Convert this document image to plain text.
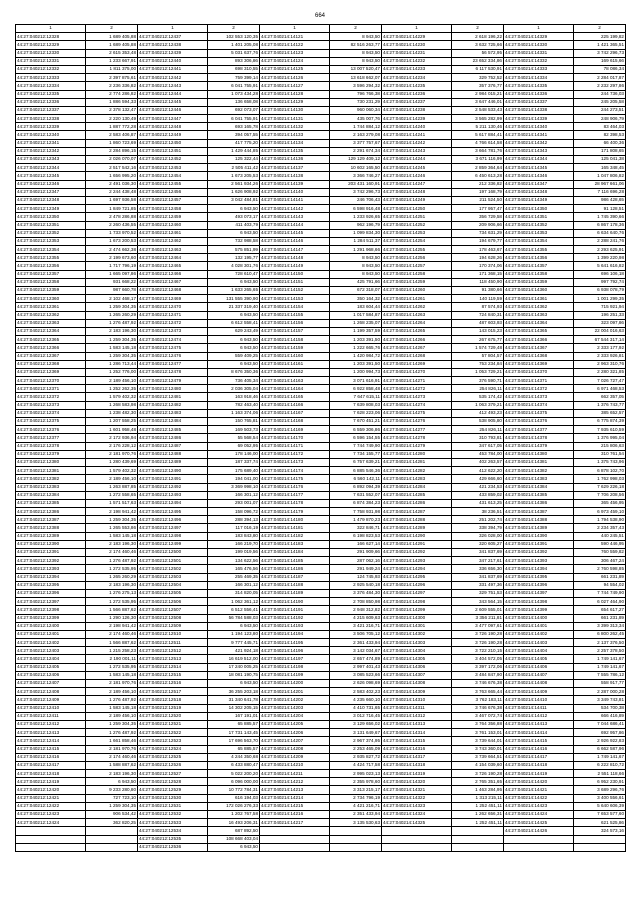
664
1	2	1	2	1	2	1	2	1	2
44:27:040212:12328	1 689 405,88	44:27:040212:12437	102 553 120,35	44:27:040214:14121	8 943,50	44:27:040214:14229	2 618 196,22	44:27:040214:14329	225 199,82
44:27:040212:12329	1 689 405,88	44:27:040212:12438	1 401 205,08	44:27:040214:14122	82 516 263,77	44:27:040214:14230	3 632 725,66	44:27:040214:14330	1 421 365,51
44:27:040212:12330	2 615 353,48	44:27:040212:12439	5 031 637,76	44:27:040214:14123	8 943,50	44:27:040214:14231	56 572,95	44:27:040214:14331	3 742 296,73
44:27:040212:12331	1 233 667,91	44:27:040212:12440	893 306,86	44:27:040214:14124	8 943,50	44:27:040214:14232	23 652 334,86	44:27:040214:14332	169 615,66
44:27:040212:12332	1 811 375,00	44:27:040212:12441	698 310,55	44:27:040214:14125	13 007 520,47	44:27:040214:14233	6 117 530,91	44:27:040214:14333	78 086,34
44:27:040212:12333	2 397 875,61	44:27:040212:12442	759 399,14	44:27:040214:14126	13 618 662,07	44:27:040214:14234	329 752,52	44:27:040214:14334	2 284 017,87
44:27:040212:12334	2 236 336,82	44:27:040212:12443	6 041 755,91	44:27:040214:14127	3 596 294,32	44:27:040214:14235	357 376,77	44:27:040214:14335	2 232 297,86
44:27:040212:12335	2 774 286,82	44:27:040212:12444	1 073 434,28	44:27:040214:14128	796 766,38	44:27:040214:14236	2 984 015,21	44:27:040214:14336	244 736,03
44:27:040212:12336	1 886 594,33	44:27:040212:12445	136 658,08	44:27:040214:14129	730 231,29	44:27:040214:14237	3 647 446,01	44:27:040214:14337	245 205,58
44:27:040212:12337	2 378 132,47	44:27:040212:12446	692 073,07	44:27:040214:14130	960 060,34	44:27:040214:14238	2 548 533,43	44:27:040214:14338	244 273,51
44:27:040212:12338	2 220 130,49	44:27:040212:12447	6 041 755,91	44:27:040214:14131	435 007,76	44:27:040214:14239	3 565 282,99	44:27:040214:14339	248 906,79
44:27:040212:12339	1 887 772,28	44:27:040212:12448	693 165,78	44:27:040214:14132	1 744 884,12	44:27:040214:14240	5 211 130,46	44:27:040214:14340	83 464,03
44:27:040212:12340	2 583 406,87	44:27:040212:12449	394 057,55	44:27:040214:14133	2 163 279,08	44:27:040214:14241	5 617 884,41	44:27:040214:14341	82 398,53
44:27:040212:12341	1 860 723,69	44:27:040212:12450	417 775,20	44:27:040214:14134	3 377 757,67	44:27:040214:14242	4 766 614,58	44:27:040214:14342	66 400,36
44:27:040212:12342	2 284 896,15	44:27:040212:12451	1 429 444,85	44:27:040214:14135	2 291 674,34	44:27:040214:14243	3 664 781,76	44:27:040214:14343	171 808,65
44:27:040212:12343	2 026 070,07	44:27:040212:12452	125 322,44	44:27:040214:14136	129 129 409,12	44:27:040214:14244	3 671 116,99	44:27:040214:14344	125 041,38
44:27:040212:12344	2 517 542,16	44:27:040212:12453	2 505 411,42	44:27:040214:14137	10 602 165,50	44:27:040214:14245	2 859 364,64	44:27:040214:14345	165 348,45
44:27:040212:12345	1 656 995,20	44:27:040212:12454	1 673 205,53	44:27:040214:14138	3 366 746,27	44:27:040214:14246	6 450 613,28	44:27:040214:14346	1 047 806,82
44:27:040212:12346	2 491 036,30	44:27:040212:12455	2 561 934,26	44:27:040214:14139	203 431 160,91	44:27:040214:14247	212 336,82	44:27:040214:14347	28 967 661,06
44:27:040212:12347	2 244 438,48	44:27:040212:12456	1 626 908,92	44:27:040214:14140	3 742 296,73	44:27:040214:14248	197 168,79	44:27:040214:14348	7 116 696,28
44:27:040212:12348	1 697 936,58	44:27:040212:12457	3 042 484,81	44:27:040214:14141	246 706,43	44:27:040214:14249	211 524,50	44:27:040214:14349	986 428,65
44:27:040212:12349	1 849 721,85	44:27:040212:12458	6 943,50	44:27:040214:14142	6 598 916,48	44:27:040214:14250	177 957,47	44:27:040214:14350	91 128,51
44:27:040212:12350	2 478 286,88	44:27:040212:12459	493 073,17	44:27:040214:14143	1 233 926,65	44:27:040214:14251	356 729,58	44:27:040214:14351	1 745 390,66
44:27:040212:12351	2 260 436,55	44:27:040212:12460	411 403,79	44:27:040214:14144	962 196,79	44:27:040214:14252	209 906,66	44:27:040214:14352	6 867 178,36
44:27:040212:12352	1 733 970,52	44:27:040212:12461	6 943,50	44:27:040214:14145	1 099 834,30	44:27:040214:14253	734 631,29	44:27:040214:14353	6 634 640,76
44:27:040212:12353	1 673 200,53	44:27:040212:12462	732 988,58	44:27:040214:14146	1 284 511,37	44:27:040214:14254	194 679,77	44:27:040214:14354	2 288 241,76
44:27:040212:12354	2 474 662,38	44:27:040212:12463	575 851,99	44:27:040214:14147	1 291 968,66	44:27:040214:14255	178 463,67	44:27:040214:14355	2 293 625,91
44:27:040212:12355	2 199 673,60	44:27:040212:12464	132 195,77	44:27:040214:14148	8 943,50	44:27:040214:14256	194 628,26	44:27:040214:14356	1 399 220,98
44:27:040212:12356	1 717 796,19	44:27:040212:12465	4 028 301,76	44:27:040214:14149	8 943,50	44:27:040214:14257	170 374,06	44:27:040214:14357	5 641 616,82
44:27:040212:12357	1 665 097,86	44:27:040212:12466	728 610,47	44:27:040214:14150	8 943,50	44:27:040214:14258	171 368,15	44:27:040214:14358	696 106,18
44:27:040212:12358	931 668,22	44:27:040212:12467	6 943,50	44:27:040214:14151	425 791,66	44:27:040214:14259	118 450,90	44:27:040214:14359	997 792,74
44:27:040212:12359	987 660,78	44:27:040212:12468	1 633 265,65	44:27:040214:14152	672 318,07	44:27:040214:14260	91 380,66	44:27:040214:14360	6 938 078,79
44:27:040212:12360	2 102 468,17	44:27:040212:12469	131 555 390,90	44:27:040214:14153	350 164,32	44:27:040214:14261	140 119,59	44:27:040214:14361	1 001 299,35
44:27:040212:12361	1 259 304,35	44:27:040212:12470	21 337 319,40	44:27:040214:14154	183 604,44	44:27:040214:14262	87 574,93	44:27:040214:14362	715 921,94
44:27:040212:12362	1 265 260,29	44:27:040212:12471	6 943,50	44:27:040214:14155	1 017 584,87	44:27:040214:14263	724 840,31	44:27:040214:14363	196 251,33
44:27:040212:12363	1 276 487,92	44:27:040212:12472	6 612 558,41	44:27:040214:14156	1 268 235,07	44:27:040214:14264	487 603,93	44:27:040214:14364	323 097,86
44:27:040212:12364	2 183 196,30	44:27:040212:12473	629 243,49	44:27:040214:14157	1 199 357,59	44:27:040214:14265	143 015,23	44:27:040214:14365	22 004 016,63
44:27:040212:12365	1 259 304,35	44:27:040212:12474	6 943,50	44:27:040214:14158	1 203 391,50	44:27:040214:14266	267 675,77	44:27:040214:14366	67 544 317,14
44:27:040212:12366	1 583 145,18	44:27:040212:12475	6 943,50	44:27:040214:14159	1 222 665,76	44:27:040214:14267	1 574 729,48	44:27:040214:14367	2 333 177,92
44:27:040212:12367	1 259 304,35	44:27:040212:12476	559 409,25	44:27:040214:14160	1 420 984,72	44:27:040214:14268	57 804,57	44:27:040214:14368	2 333 926,81
44:27:040212:12368	1 286 713,44	44:27:040212:12477	6 943,50	44:27:040214:14161	1 203 391,50	44:27:040214:14269	753 234,84	44:27:040214:14369	2 963 310,76
44:27:040212:12369	1 252 776,00	44:27:040212:12478	8 676 350,36	44:27:040214:14162	1 200 994,73	44:27:040214:14270	1 053 729,21	44:27:040214:14370	2 280 321,85
44:27:040212:12370	2 189 456,10	44:27:040212:12479	736 405,34	44:27:040214:14163	3 071 616,91	44:27:040214:14271	376 590,71	44:27:040214:14371	7 026 727,47
44:27:040212:12371	1 252 262,35	44:27:040212:12480	2 036 305,04	44:27:040214:14164	6 922 858,48	44:27:040214:14272	254 826,11	44:27:040214:14372	6 971 468,53
44:27:040212:12372	1 579 402,32	44:27:040212:12481	163 918,46	44:27:040214:14165	7 647 615,11	44:27:040214:14273	535 174,42	44:27:040214:14373	662 357,05
44:27:040212:12373	1 268 583,98	44:27:040212:12482	782 463,40	44:27:040214:14166	7 639 808,03	44:27:040214:14274	1 063 379,21	44:27:040214:14374	1 376 743,77
44:27:040212:12374	1 238 482,30	44:27:040212:12483	1 163 374,06	44:27:040214:14167	7 628 223,06	44:27:040214:14275	412 493,23	44:27:040214:14375	385 652,57
44:27:040212:12375	1 207 558,25	44:27:040212:12484	150 765,81	44:27:040214:14168	7 670 451,21	44:27:040214:14276	538 905,80	44:27:040214:14376	6 775 874,39
44:27:040212:12376	1 601 958,48	44:27:040212:12485	169 503,73	44:27:040214:14169	6 559 306,86	44:27:040214:14277	254 826,11	44:27:040214:14377	7 935 610,59
44:27:040212:12377	2 172 936,94	44:27:040212:12486	55 568,54	44:27:040214:14170	6 596 154,55	44:27:040214:14278	310 793,81	44:27:040214:14378	1 376 995,04
44:27:040212:12378	2 176 228,12	44:27:040212:12487	69 052,95	44:27:040214:14171	7 744 749,90	44:27:040214:14279	347 617,05	44:27:040214:14379	215 806,63
44:27:040212:12379	2 181 970,76	44:27:040212:12488	178 146,00	44:27:040214:14172	7 734 155,77	44:27:040214:14280	453 784,00	44:27:040214:14380	310 761,54
44:27:040212:12380	1 280 439,69	44:27:040212:12489	187 337,74	44:27:040214:14173	6 757 639,21	44:27:040214:14281	402 263,57	44:27:040214:14381	1 375 743,96
44:27:040212:12381	1 579 402,32	44:27:040212:12490	175 689,40	44:27:040214:14174	6 885 546,36	44:27:040214:14282	412 622,20	44:27:040214:14382	6 878 102,70
44:27:040212:12382	2 189 456,10	44:27:040212:12491	194 041,00	44:27:040214:14175	6 560 142,11	44:27:040214:14283	429 666,60	44:27:040214:14383	1 762 998,03
44:27:040212:12383	1 263 887,85	44:27:040212:12492	3 369 998,10	44:27:040214:14176	6 892 094,39	44:27:040214:14284	421 234,53	44:27:040214:14384	7 629 226,18
44:27:040212:12384	1 272 558,65	44:27:040212:12493	166 301,12	44:27:040214:14177	7 631 552,07	44:27:040214:14285	433 859,02	44:27:040214:14385	7 706 208,56
44:27:040212:12385	1 571 517,63	44:27:040212:12494	293 001,07	44:27:040214:14178	6 874 384,23	44:27:040214:14286	431 613,25	44:27:040214:14386	365 456,95
44:27:040212:12386	2 198 941,42	44:27:040212:12495	158 096,72	44:27:040214:14179	7 758 931,98	44:27:040214:14287	38 236,51	44:27:040214:14387	6 973 459,10
44:27:040212:12387	1 259 304,35	44:27:040212:12496	288 394,13	44:27:040214:14180	1 479 870,23	44:27:040214:14288	251 202,74	44:27:040214:14388	1 794 538,90
44:27:040212:12388	1 265 553,86	44:27:040212:12497	117 016,19	44:27:040214:14181	322 846,71	44:27:040214:14289	338 394,79	44:27:040214:14389	2 234 357,43
44:27:040212:12389	1 583 145,18	44:27:040212:12498	183 843,80	44:27:040214:14182	6 198 823,53	44:27:040214:14290	326 028,00	44:27:040214:14390	440 245,51
44:27:040212:12390	2 183 196,30	44:27:040212:12499	166 219,70	44:27:040214:14183	166 627,14	44:27:040214:14291	320 605,27	44:27:040214:14391	590 446,95
44:27:040212:12391	2 174 460,46	44:27:040212:12500	199 019,56	44:27:040214:14184	291 909,66	44:27:040214:14292	341 837,69	44:27:040214:14392	760 559,82
44:27:040212:12392	1 276 487,92	44:27:040212:12501	134 622,56	44:27:040214:14185	287 062,16	44:27:040214:14293	347 217,61	44:27:040214:14393	306 467,24
44:27:040212:12393	1 272 535,95	44:27:040212:12502	165 476,56	44:27:040214:14186	291 949,24	44:27:040214:14294	336 656,30	44:27:040214:14394	2 760 598,85
44:27:040212:12394	1 265 260,29	44:27:040212:12503	255 469,35	44:27:040214:14187	124 745,93	44:27:040214:14295	341 837,69	44:27:040214:14395	661 231,89
44:27:040212:12395	2 183 196,30	44:27:040212:12504	166 301,12	44:27:040214:14188	2 925 540,18	44:27:040214:14296	331 497,36	44:27:040214:14396	94 554,02
44:27:040212:12396	1 276 275,13	44:27:040212:12505	314 820,05	44:27:040214:14189	3 376 484,30	44:27:040214:14297	329 751,53	44:27:040214:14397	7 744 749,90
44:27:040212:12397	1 272 535,95	44:27:040212:12506	1 062 361,12	44:27:040214:14190	2 708 850,98	44:27:040214:14298	343 564,15	44:27:040214:14398	6 027 464,90
44:27:040212:12398	1 566 887,62	44:27:040212:12507	6 512 556,41	44:27:040214:14191	2 948 312,82	44:27:040214:14299	2 609 555,01	44:27:040214:14399	654 617,27
44:27:040212:12399	1 290 126,30	44:27:040212:12508	56 784 588,03	44:27:040214:14192	4 215 609,63	44:27:040214:14300	3 356 211,81	44:27:040214:14400	661 231,89
44:27:040212:12400	2 198 941,42	44:27:040212:12509	6 943,50	44:27:040214:14193	3 421 216,71	44:27:040214:14301	3 477 097,61	44:27:040214:14401	3 399 313,34
44:27:040212:12401	2 174 460,46	44:27:040212:12510	1 194 123,80	44:27:040214:14194	3 506 705,12	44:27:040214:14302	3 726 190,28	44:27:040214:14402	6 800 262,45
44:27:040212:12402	1 566 887,62	44:27:040212:12511	9 777 445,71	44:27:040214:14195	2 361 433,94	44:27:040214:14303	3 726 190,28	44:27:040214:14403	2 137 376,50
44:27:040212:12403	1 215 258,23	44:27:040212:12512	421 924,18	44:27:040214:14196	3 142 034,67	44:27:040214:14304	3 722 210,15	44:27:040214:14404	2 257 378,50
44:27:040212:12404	2 190 001,11	44:27:040212:12513	16 619 512,00	44:27:040214:14197	2 657 474,89	44:27:040214:14305	3 404 572,05	44:27:040214:14405	1 749 141,67
44:27:040212:12405	1 272 535,95	44:27:040212:12514	17 240 005,25	44:27:040214:14198	2 997 401,43	44:27:040214:14306	3 397 172,06	44:27:040214:14406	1 749 141,67
44:27:040212:12406	1 583 145,18	44:27:040212:12515	18 081 190,75	44:27:040214:14199	3 085 523,66	44:27:040214:14307	3 484 847,90	44:27:040214:14407	7 555 786,12
44:27:040212:12407	2 181 970,76	44:27:040212:12516	6 943,50	44:27:040214:14200	2 626 098,69	44:27:040214:14308	3 746 676,38	44:27:040214:14408	558 917,77
44:27:040212:12408	2 189 456,10	44:27:040212:12517	36 255 203,18	44:27:040214:14201	2 583 402,23	44:27:040214:14309	3 763 665,44	44:27:040214:14409	2 287 000,28
44:27:040212:12409	1 276 487,92	44:27:040212:12518	31 340 641,78	44:27:040214:14202	4 235 660,10	44:27:040214:14310	3 762 183,11	44:27:040214:14410	3 349 743,81
44:27:040212:12410	1 583 145,18	44:27:040212:12519	14 302 205,15	44:27:040214:14203	4 410 731,65	44:27:040214:14311	3 746 676,38	44:27:040214:14411	534 700,38
44:27:040212:12411	2 189 456,10	44:27:040212:12520	167 191,01	44:27:040214:14204	3 012 716,45	44:27:040214:14312	3 467 072,74	44:27:040214:14412	666 416,89
44:27:040212:12412	1 259 304,35	44:27:040212:12521	65 885,57	44:27:040214:14205	3 129 656,02	44:27:040214:14313	3 764 356,88	44:27:040214:14413	7 044 686,41
44:27:040212:12413	1 276 487,92	44:27:040212:12522	17 731 143,45	44:27:040214:14206	3 131 649,67	44:27:040214:14314	3 761 153,01	44:27:040214:14414	692 957,86
44:27:040212:12414	1 661 858,46	44:27:040212:12523	17 696 563,70	44:27:040214:14207	2 967 374,95	44:27:040214:14315	3 739 644,01	44:27:040214:14415	2 926 922,83
44:27:040212:12415	2 181 970,76	44:27:040212:12524	65 885,57	44:27:040214:14208	2 253 465,09	44:27:040214:14316	3 743 360,01	44:27:040214:14416	6 662 587,96
44:27:040212:12416	2 174 460,46	44:27:040212:12525	4 244 350,68	44:27:040214:14209	2 935 827,72	44:27:040214:14317	3 739 664,51	44:27:040214:14417	1 749 141,67
44:27:040212:12417	1 588 887,62	44:27:040212:12526	6 433 880,47	44:27:040214:14210	4 424 717,58	44:27:040214:14318	4 154 039,60	44:27:040214:14418	6 222 810,72
44:27:040212:12418	2 183 196,30	44:27:040212:12527	5 022 200,20	44:27:040214:14211	2 995 023,13	44:27:040214:14319	3 726 190,28	44:27:040214:14419	2 551 118,66
44:27:040212:12419	6 943,50	44:27:040212:12528	6 096 000,00	44:27:040214:14212	2 355 978,60	44:27:040214:14320	2 765 351,65	44:27:040214:14420	6 952 230,91
44:27:040212:12420	9 233 280,80	44:27:040212:12529	10 772 784,31	44:27:040214:14213	3 313 215,17	44:27:040214:14321	1 463 284,95	44:27:040214:14421	3 689 296,76
44:27:040212:12421	727 723,10	44:27:040212:12530	616 194,03	44:27:040214:14214	2 734 796,19	44:27:040214:14322	1 313 215,11	44:27:040214:14422	3 400 556,61
44:27:040212:12422	1 259 304,35	44:27:040212:12531	172 026 276,33	44:27:040214:14215	4 421 216,71	44:27:040214:14323	1 252 451,11	44:27:040214:14423	5 640 606,39
44:27:040212:12423	906 534,42	44:27:040212:12532	1 202 767,58	44:27:040214:14216	2 351 433,94	44:27:040214:14324	1 262 656,31	44:27:040214:14424	7 653 577,60
44:27:040212:12424	362 820,25	44:27:040212:12533	16 493 206,31	44:27:040214:14217	3 135 530,63	44:27:040214:14325	1 252 451,11	44:27:040214:14425	621 525,86
		44:27:040212:12534	687 892,50					44:27:040214:14426	324 573,16
		44:27:040212:12535	108 668 403,04						
		44:27:040212:12536	6 943,50						
